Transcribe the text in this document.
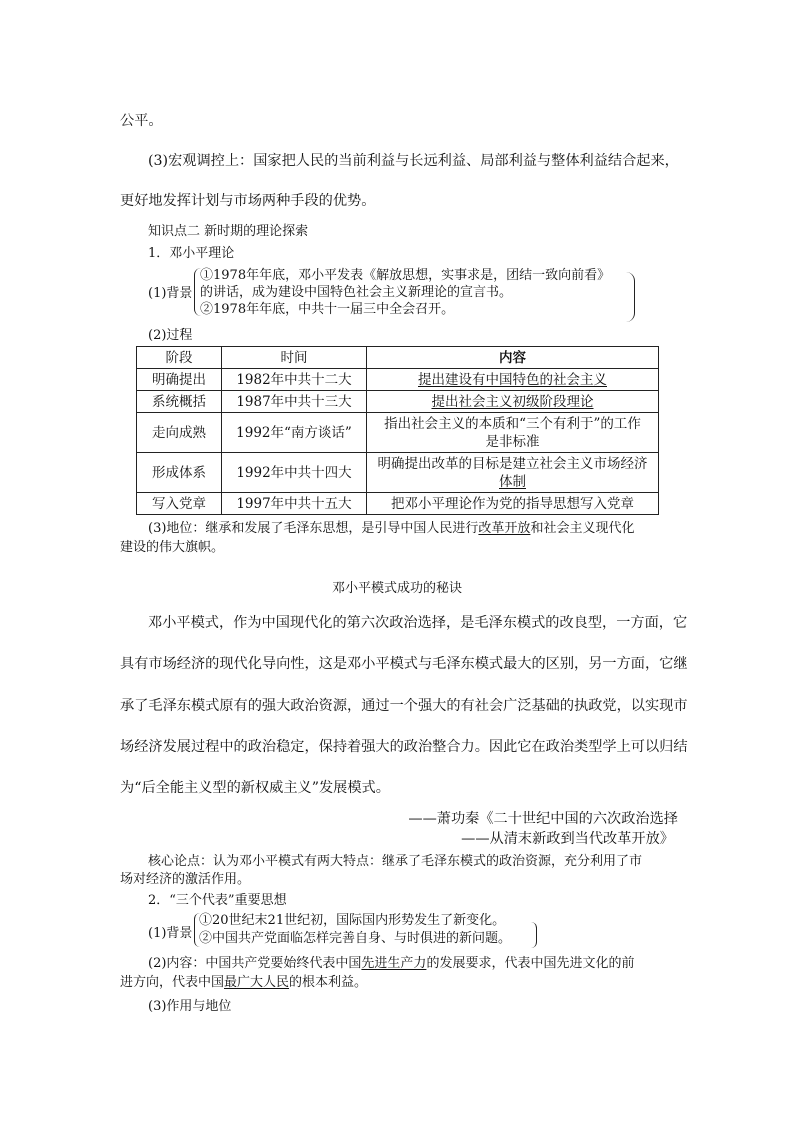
公平。
(3)宏观调控上：国家把人民的当前利益与长远利益、局部利益与整体利益结合起来，
更好地发挥计划与市场两种手段的优势。
知识点二 新时期的理论探索
1．邓小平理论
(1)背景
①1978年年底，邓小平发表《解放思想，实事求是，团结一致向前看》
的讲话，成为建设中国特色社会主义新理论的宣言书。
②1978年年底，中共十一届三中全会召开。
(2)过程
阶段	时间	内容
明确提出	1982年中共十二大	提出建设有中国特色的社会主义
系统概括	1987年中共十三大	提出社会主义初级阶段理论
走向成熟	1992年“南方谈话”	指出社会主义的本质和“三个有利于”的工作
是非标准

形成体系	1992年中共十四大	明确提出改革的目标是建立社会主义市场经济
体制

写入党章	1997年中共十五大	把邓小平理论作为党的指导思想写入党章
(3)地位：继承和发展了毛泽东思想，是引导中国人民进行改革开放和社会主义现代化
建设的伟大旗帜。
邓小平模式成功的秘诀
邓小平模式，作为中国现代化的第六次政治选择，是毛泽东模式的改良型，一方面，它
具有市场经济的现代化导向性，这是邓小平模式与毛泽东模式最大的区别，另一方面，它继
承了毛泽东模式原有的强大政治资源，通过一个强大的有社会广泛基础的执政党，以实现市
场经济发展过程中的政治稳定，保持着强大的政治整合力。因此它在政治类型学上可以归结
为“后全能主义型的新权威主义”发展模式。
——萧功秦《二十世纪中国的六次政治选择
——从清末新政到当代改革开放》
核心论点：认为邓小平模式有两大特点：继承了毛泽东模式的政治资源，充分利用了市
场对经济的激活作用。
2．“三个代表”重要思想
(1)背景
①20世纪末21世纪初，国际国内形势发生了新变化。
②中国共产党面临怎样完善自身、与时俱进的新问题。
(2)内容：中国共产党要始终代表中国先进生产力的发展要求，代表中国先进文化的前
进方向，代表中国最广大人民的根本利益。
(3)作用与地位
